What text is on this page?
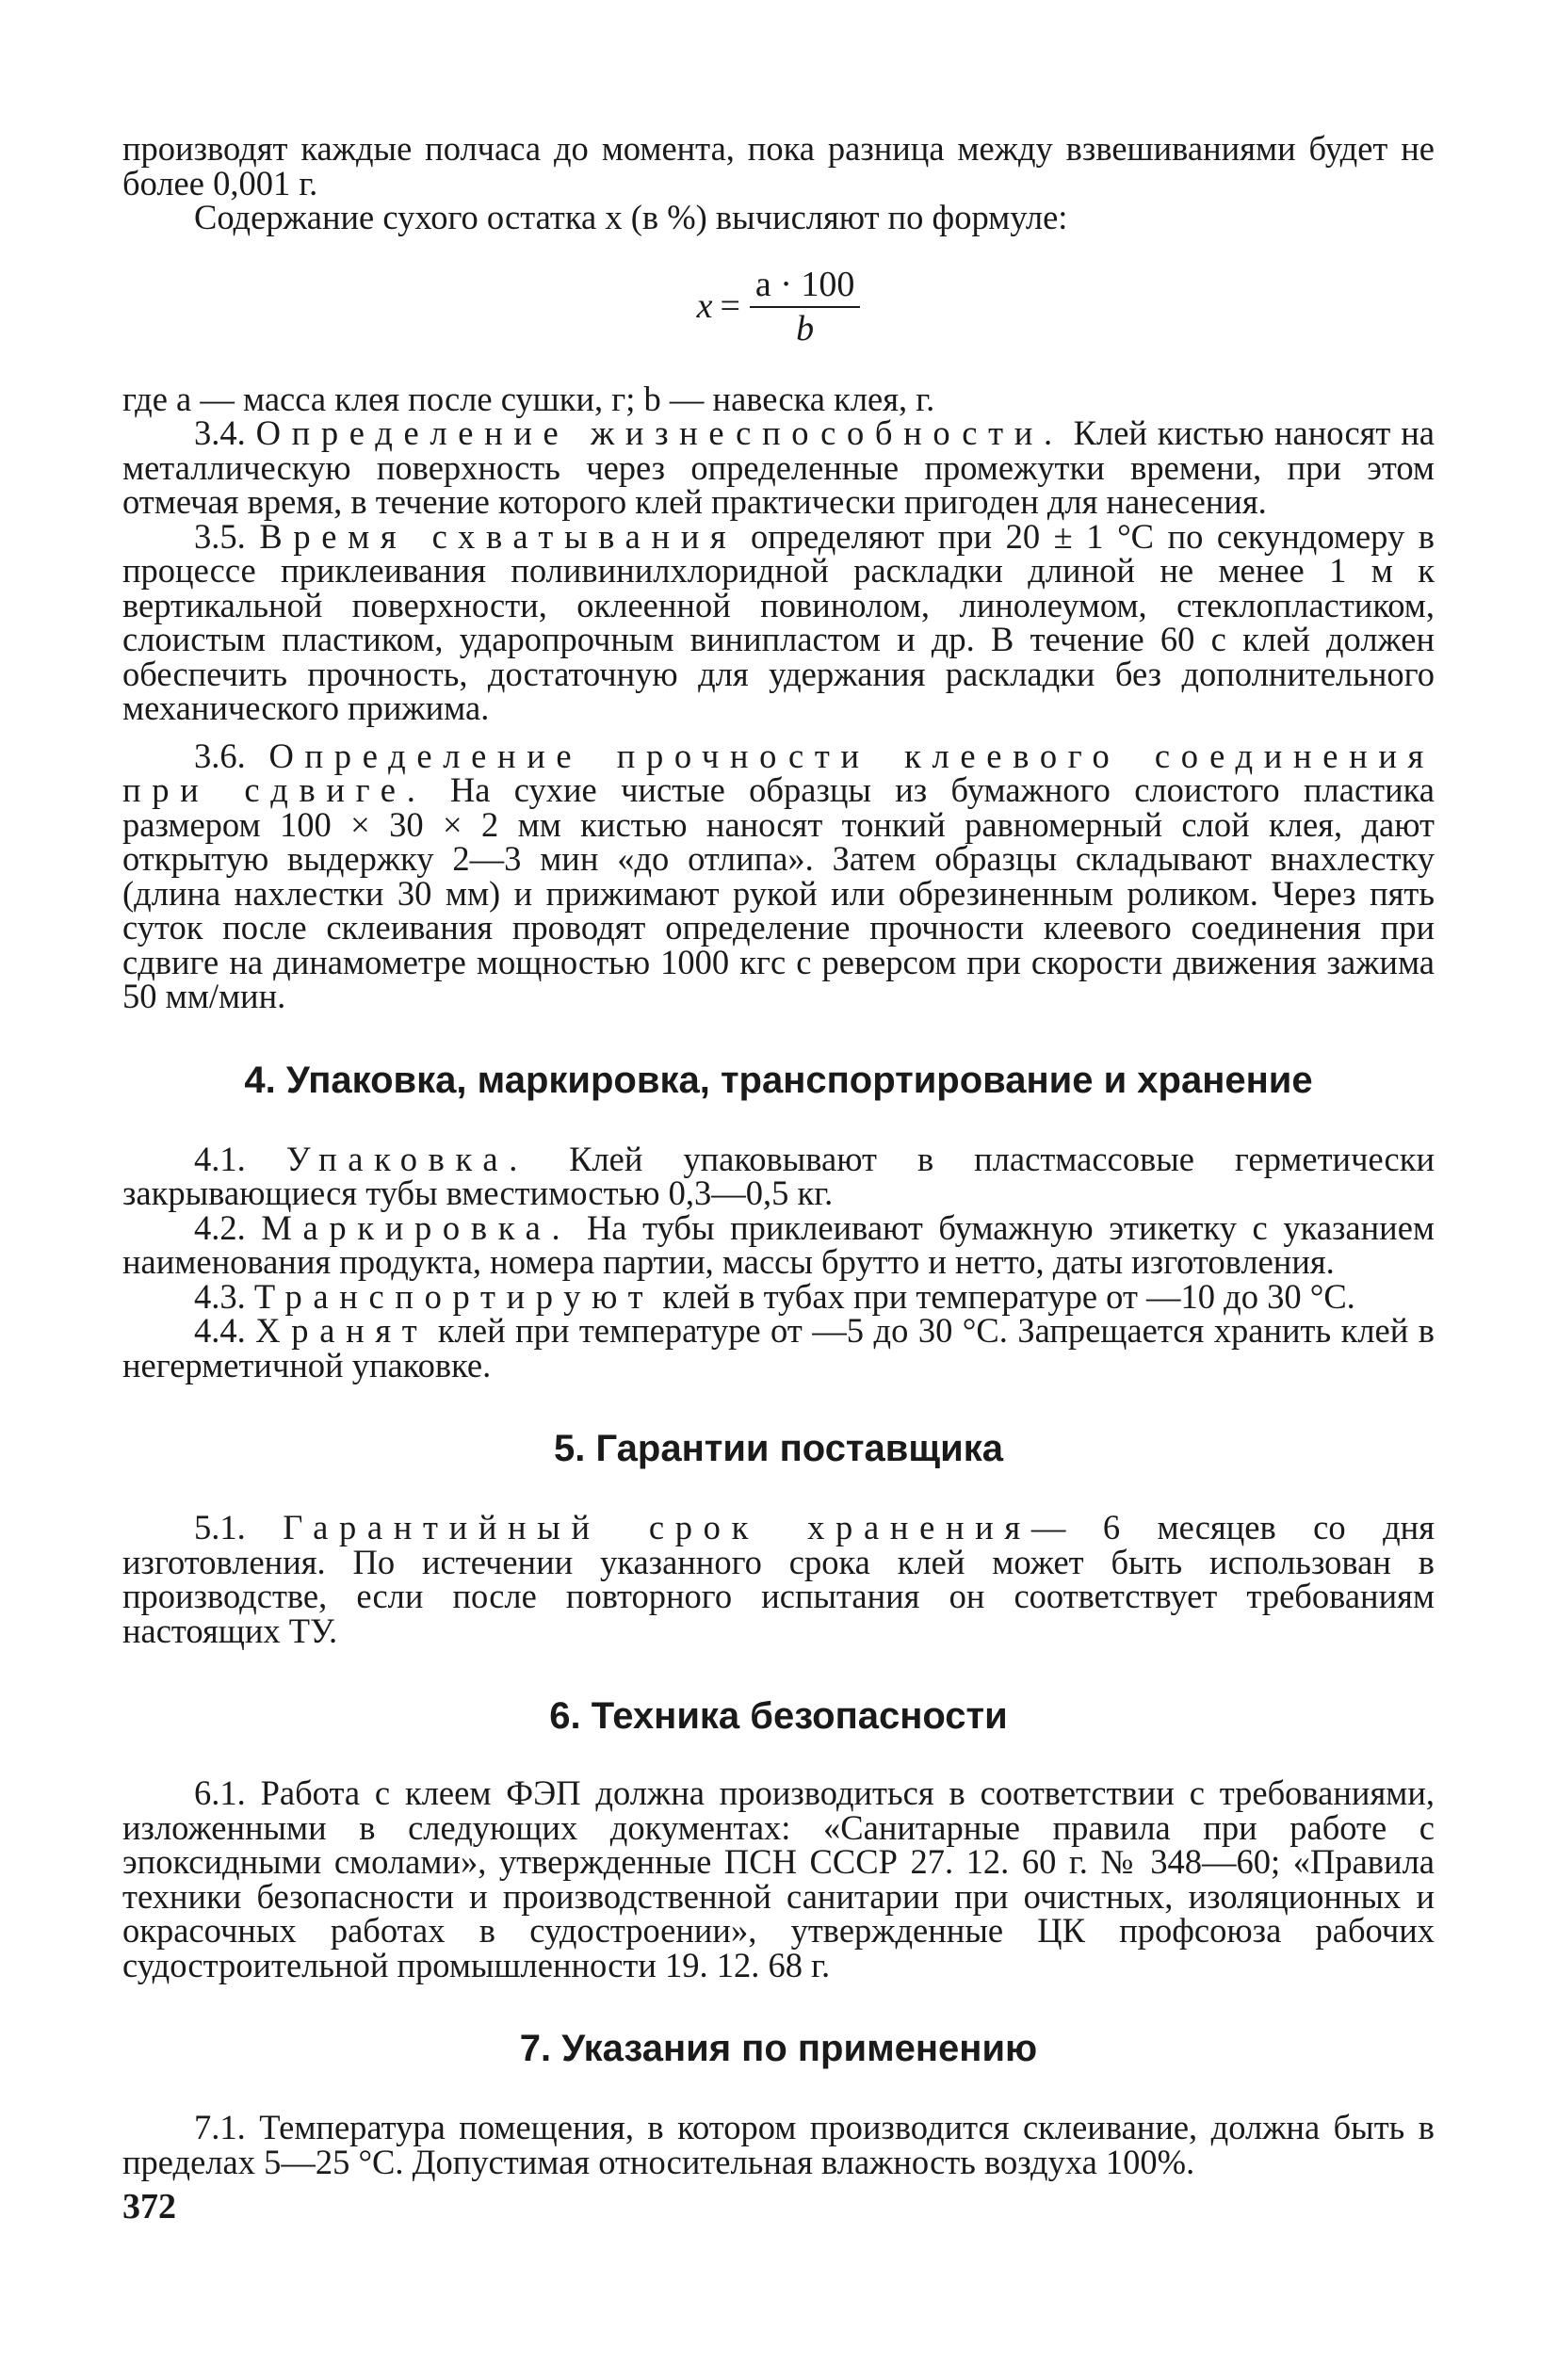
производят каждые полчаса до момента, пока разница между взвешиваниями будет не более 0,001 г.

Содержание сухого остатка x (в %) вычисляют по формуле:

$x = \frac{a \cdot 100}{b}$

где a — масса клея после сушки, г; b — навеска клея, г.

3.4. Определение жизнеспособности. Клей кистью наносят на металлическую поверхность через определенные промежутки времени, при этом отмечая время, в течение которого клей практически пригоден для нанесения.

3.5. Время схватывания определяют при 20 ± 1 °С по секундомеру в процессе приклеивания поливинилхлоридной раскладки длиной не менее 1 м к вертикальной поверхности, оклеенной повинолом, линолеумом, стеклопластиком, слоистым пластиком, ударопрочным винипластом и др. В течение 60 с клей должен обеспечить прочность, достаточную для удержания раскладки без дополнительного механического прижима.

3.6. Определение прочности клеевого соединения при сдвиге. На сухие чистые образцы из бумажного слоистого пластика размером 100 × 30 × 2 мм кистью наносят тонкий равномерный слой клея, дают открытую выдержку 2—3 мин «до отлипа». Затем образцы складывают внахлестку (длина нахлестки 30 мм) и прижимают рукой или обрезиненным роликом. Через пять суток после склеивания проводят определение прочности клеевого соединения при сдвиге на динамометре мощностью 1000 кгс с реверсом при скорости движения зажима 50 мм/мин.

4. Упаковка, маркировка, транспортирование и хранение

4.1. Упаковка. Клей упаковывают в пластмассовые герметически закрывающиеся тубы вместимостью 0,3—0,5 кг.

4.2. Маркировка. На тубы приклеивают бумажную этикетку с указанием наименования продукта, номера партии, массы брутто и нетто, даты изготовления.

4.3. Транспортируют клей в тубах при температуре от —10 до 30 °С.

4.4. Хранят клей при температуре от —5 до 30 °С. Запрещается хранить клей в негерметичной упаковке.

5. Гарантии поставщика

5.1. Гарантийный срок хранения— 6 месяцев со дня изготовления. По истечении указанного срока клей может быть использован в производстве, если после повторного испытания он соответствует требованиям настоящих ТУ.

6. Техника безопасности

6.1. Работа с клеем ФЭП должна производиться в соответствии с требованиями, изложенными в следующих документах: «Санитарные правила при работе с эпоксидными смолами», утвержденные ПСН СССР 27. 12. 60 г. № 348—60; «Правила техники безопасности и производственной санитарии при очистных, изоляционных и окрасочных работах в судостроении», утвержденные ЦК профсоюза рабочих судостроительной промышленности 19. 12. 68 г.

7. Указания по применению

7.1. Температура помещения, в котором производится склеивание, должна быть в пределах 5—25 °С. Допустимая относительная влажность воздуха 100%.

372
